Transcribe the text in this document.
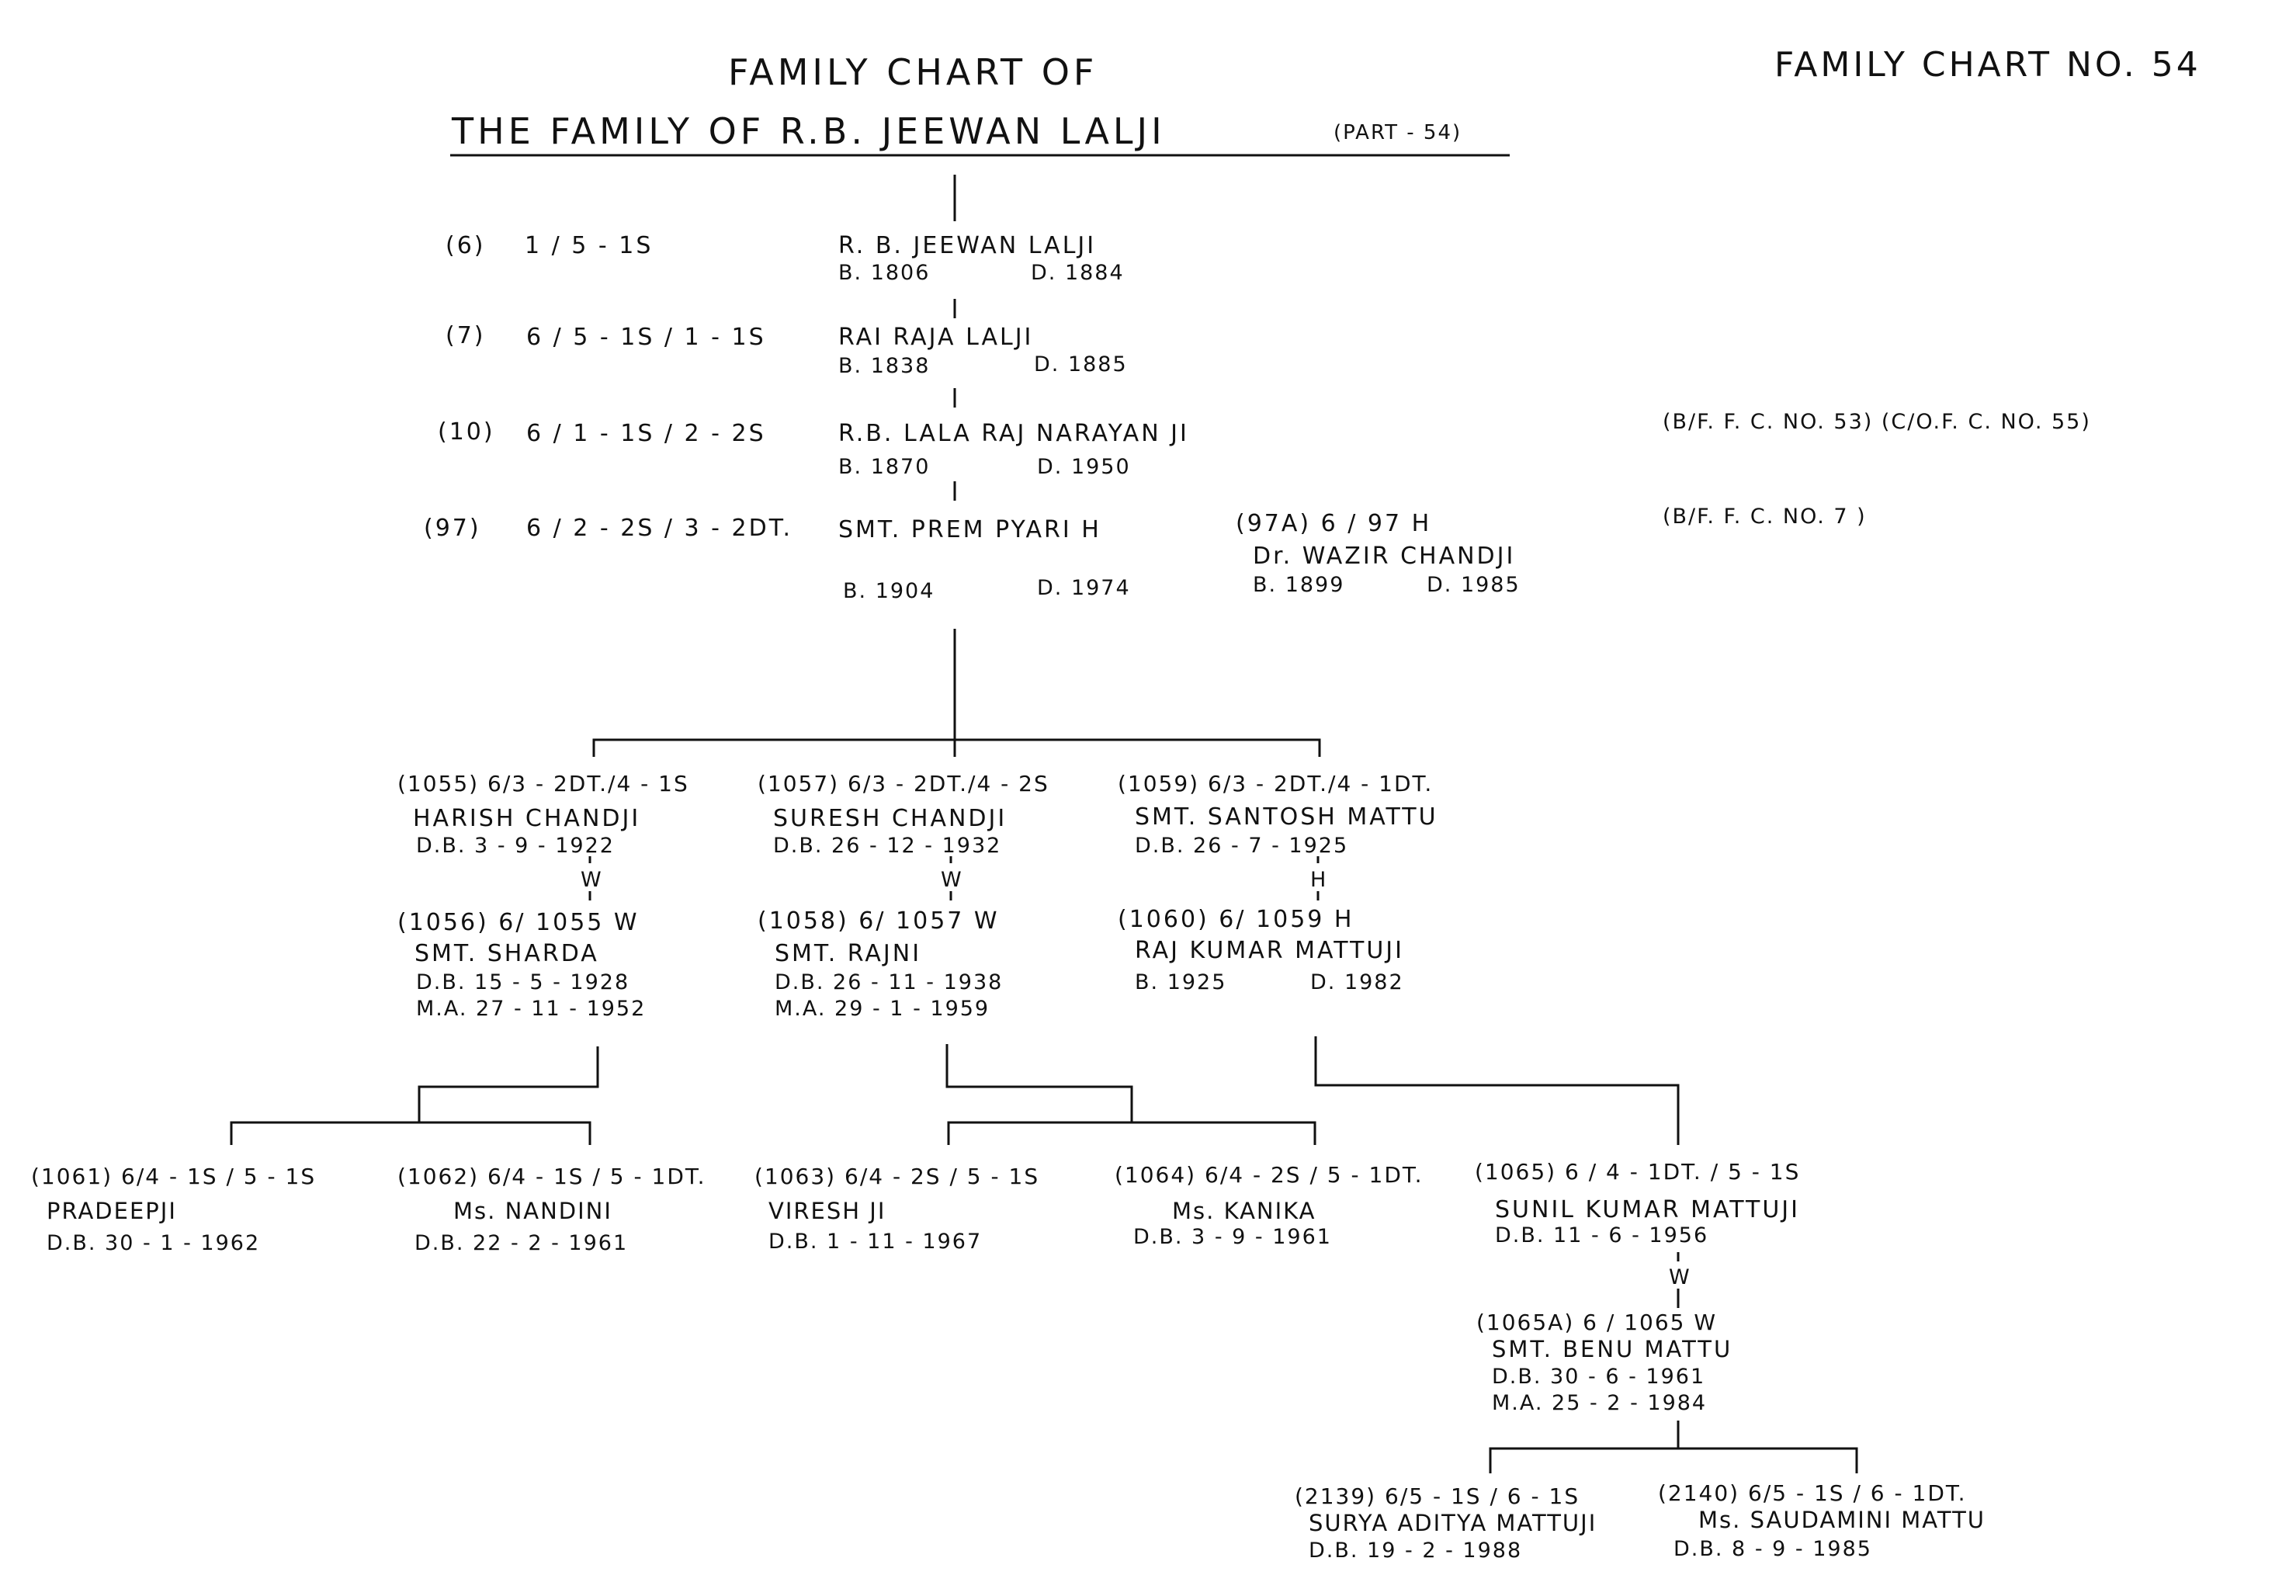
FAMILY CHART OF
THE FAMILY OF R.B. JEEWAN LALJI	(PART - 54)
FAMILY CHART NO. 54
(6) 1 / 5 - 1S	R. B. JEEWAN LALJI
B. 1806	D. 1884
(7) 6 / 5 - 1S / 1 - 1S	RAI RAJA LALJI
B. 1838	D. 1885
(10) 6 / 1 - 1S / 2 - 2S	R.B. LALA RAJ NARAYAN JI
B. 1870	D. 1950
(B/F. F. C. NO. 53) (C/O.F. C. NO. 55)
(97) 6 / 2 - 2S / 3 - 2DT. SMT. PREM PYARI H
B. 1904	D. 1974
(B/F. F. C. NO. 7 )
(97A) 6 / 97 H
Dr. WAZIR CHANDJI
B. 1899	D. 1985
(1055) 6/3 - 2DT./4 - 1S
HARISH CHANDJI
D.B. 3 - 9 - 1922
W
(1056) 6/ 1055 W
SMT. SHARDA
D.B. 15 - 5 - 1928
M.A. 27 - 11 - 1952
(1057) 6/3 - 2DT./4 - 2S
SURESH CHANDJI
D.B. 26 - 12 - 1932
W
(1058) 6/ 1057 W
SMT. RAJNI
D.B. 26 - 11 - 1938
M.A. 29 - 1 - 1959
(1059) 6/3 - 2DT./4 - 1DT.
SMT. SANTOSH MATTU
D.B. 26 - 7 - 1925
H
(1060) 6/ 1059 H
RAJ KUMAR MATTUJI
B. 1925	D. 1982
(1061) 6/4 - 1S / 5 - 1S
PRADEEPJI
D.B. 30 - 1 - 1962
(1062) 6/4 - 1S / 5 - 1DT.
Ms. NANDINI
D.B. 22 - 2 - 1961
(1063) 6/4 - 2S / 5 - 1S
VIRESH JI
D.B. 1 - 11 - 1967
(1064) 6/4 - 2S / 5 - 1DT.
Ms. KANIKA
D.B. 3 - 9 - 1961
(1065) 6 / 4 - 1DT. / 5 - 1S
SUNIL KUMAR MATTUJI
D.B. 11 - 6 - 1956
W
(1065A) 6 / 1065 W
SMT. BENU MATTU
D.B. 30 - 6 - 1961
M.A. 25 - 2 - 1984
(2139) 6/5 - 1S / 6 - 1S
SURYA ADITYA MATTUJI
D.B. 19 - 2 - 1988
(2140) 6/5 - 1S / 6 - 1DT.
Ms. SAUDAMINI MATTU
D.B. 8 - 9 - 1985
